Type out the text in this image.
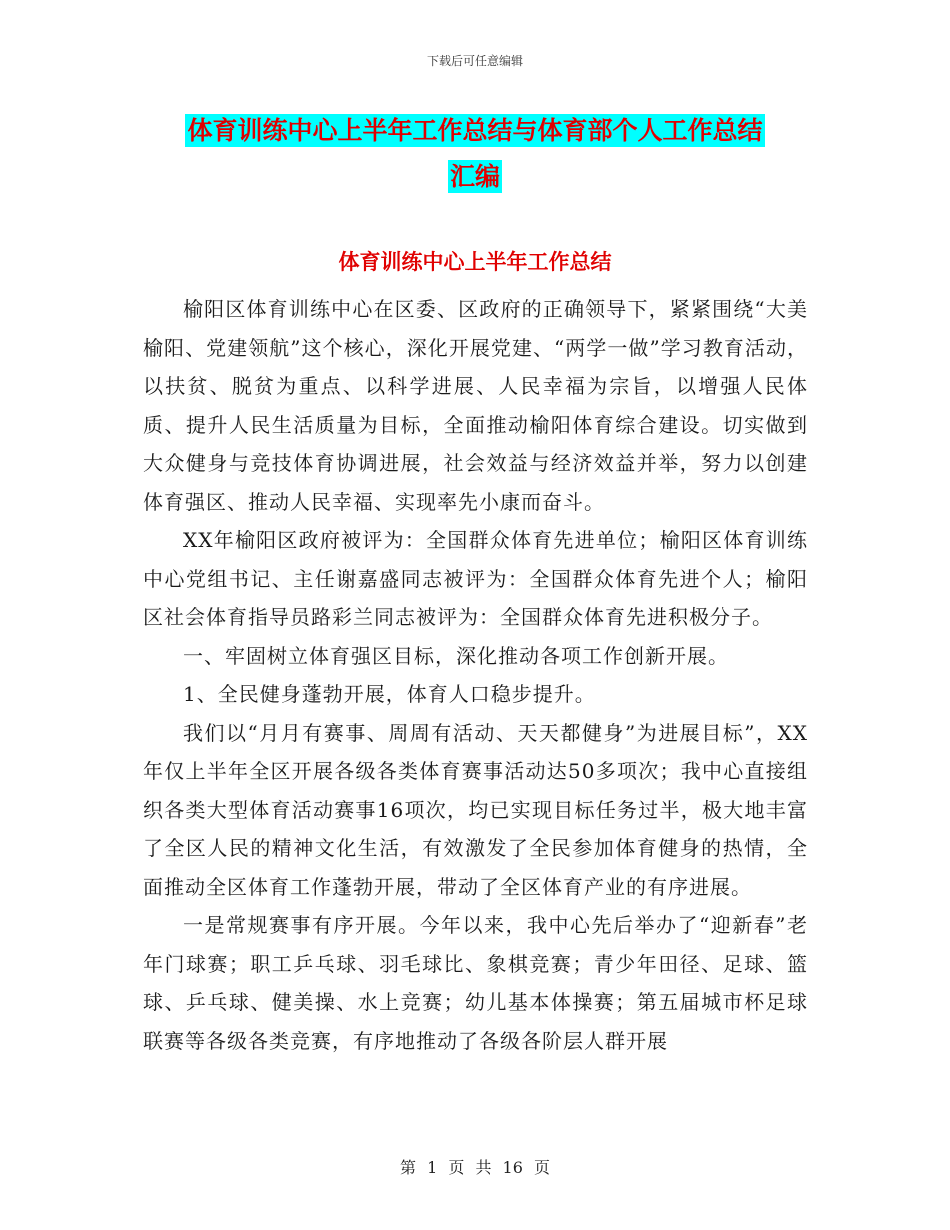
下载后可任意编辑
体育训练中心上半年工作总结与体育部个人工作总结
汇编
体育训练中心上半年工作总结

榆阳区体育训练中心在区委、区政府的正确领导下，紧紧围绕“大美榆阳、党建领航”这个核心，深化开展党建、“两学一做”学习教育活动，以扶贫、脱贫为重点、以科学进展、人民幸福为宗旨，以增强人民体质、提升人民生活质量为目标，全面推动榆阳体育综合建设。切实做到大众健身与竞技体育协调进展，社会效益与经济效益并举，努力以创建体育强区、推动人民幸福、实现率先小康而奋斗。

XX年榆阳区政府被评为：全国群众体育先进单位；榆阳区体育训练中心党组书记、主任谢嘉盛同志被评为：全国群众体育先进个人；榆阳区社会体育指导员路彩兰同志被评为：全国群众体育先进积极分子。

一、牢固树立体育强区目标，深化推动各项工作创新开展。

1、全民健身蓬勃开展，体育人口稳步提升。

我们以“月月有赛事、周周有活动、天天都健身”为进展目标”，XX年仅上半年全区开展各级各类体育赛事活动达50多项次；我中心直接组织各类大型体育活动赛事16项次，均已实现目标任务过半，极大地丰富了全区人民的精神文化生活，有效激发了全民参加体育健身的热情，全面推动全区体育工作蓬勃开展，带动了全区体育产业的有序进展。

一是常规赛事有序开展。今年以来，我中心先后举办了“迎新春”老年门球赛；职工乒乓球、羽毛球比、象棋竞赛；青少年田径、足球、篮球、乒乓球、健美操、水上竞赛；幼儿基本体操赛；第五届城市杯足球联赛等各级各类竞赛，有序地推动了各级各阶层人群开展

第 1 页 共 16 页
